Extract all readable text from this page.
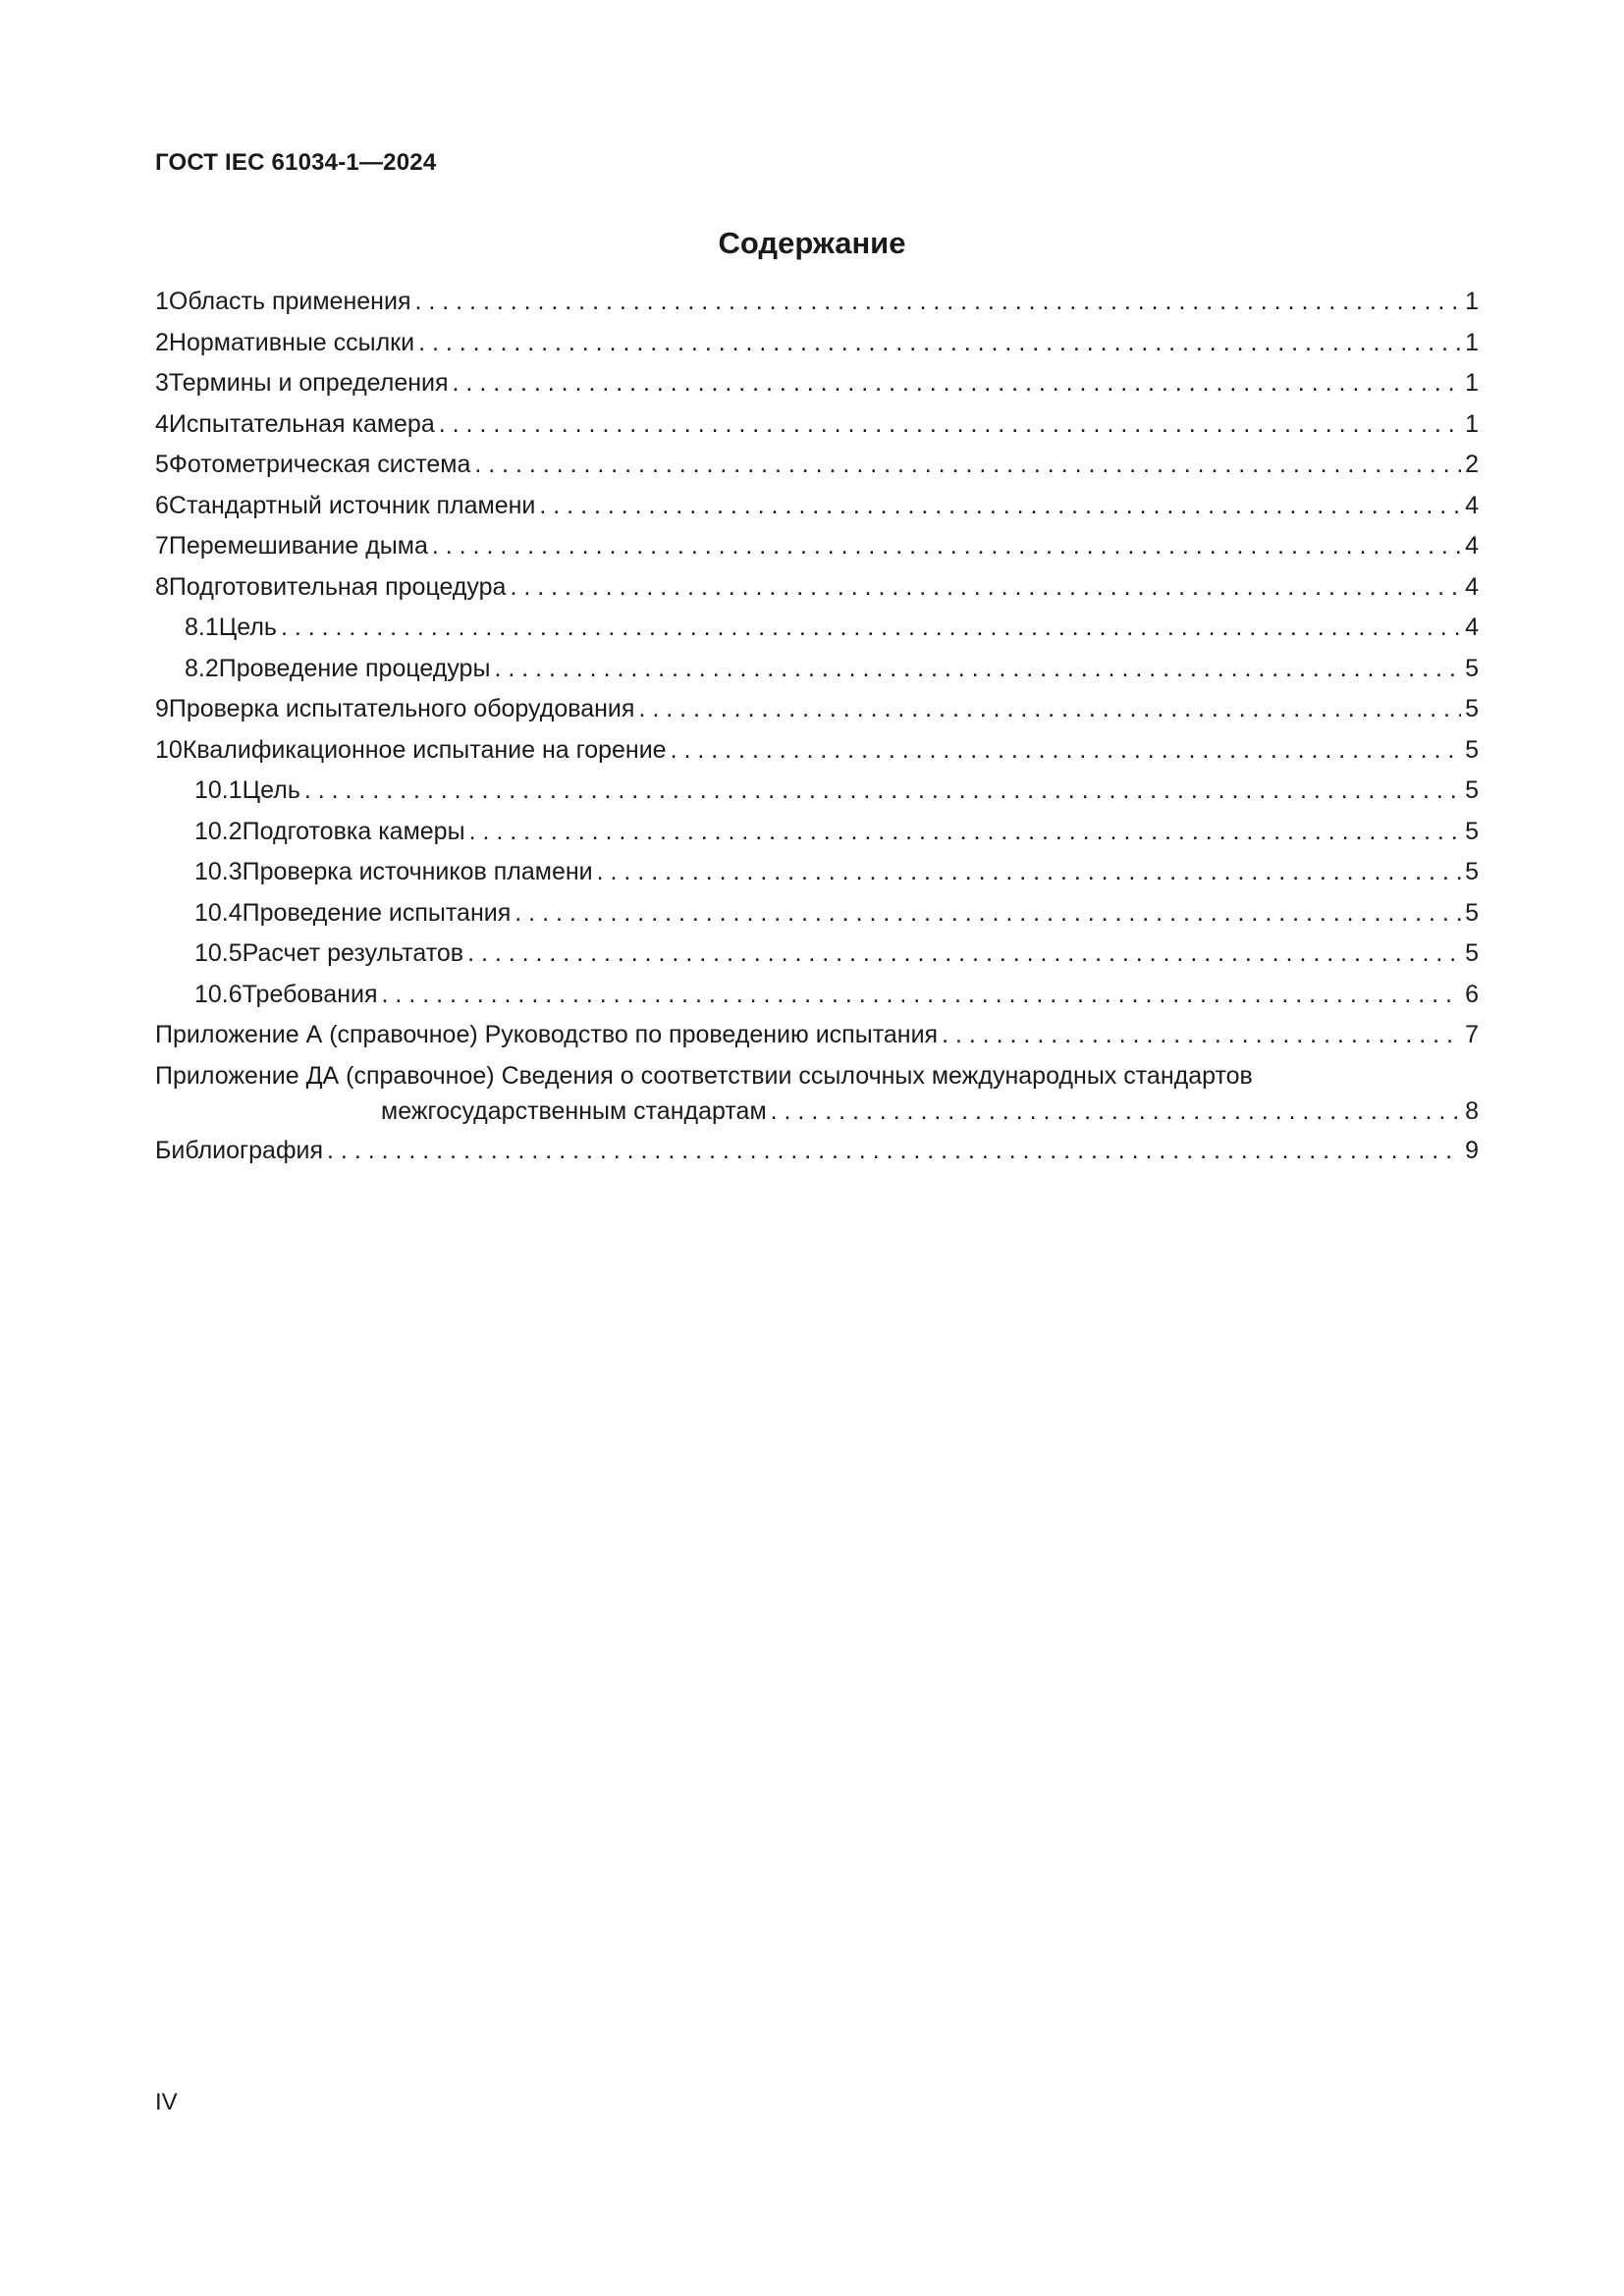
ГОСТ IEC 61034-1—2024
Содержание
1 Область применения . . .	1
2 Нормативные ссылки . . .	1
3 Термины и определения . . .	1
4 Испытательная камера . . .	1
5 Фотометрическая система . . .	2
6 Стандартный источник пламени . . .	4
7 Перемешивание дыма . . .	4
8 Подготовительная процедура . . .	4
8.1 Цель . . .	4
8.2 Проведение процедуры . . .	5
9 Проверка испытательного оборудования . . .	5
10 Квалификационное испытание на горение . . .	5
10.1 Цель . . .	5
10.2 Подготовка камеры . . .	5
10.3 Проверка источников пламени . . .	5
10.4 Проведение испытания . . .	5
10.5 Расчет результатов . . .	5
10.6 Требования . . .	6
Приложение А (справочное) Руководство по проведению испытания . . .	7
Приложение ДА (справочное) Сведения о соответствии ссылочных международных стандартов
межгосударственным стандартам . . .	8
Библиография . . .	9
IV
